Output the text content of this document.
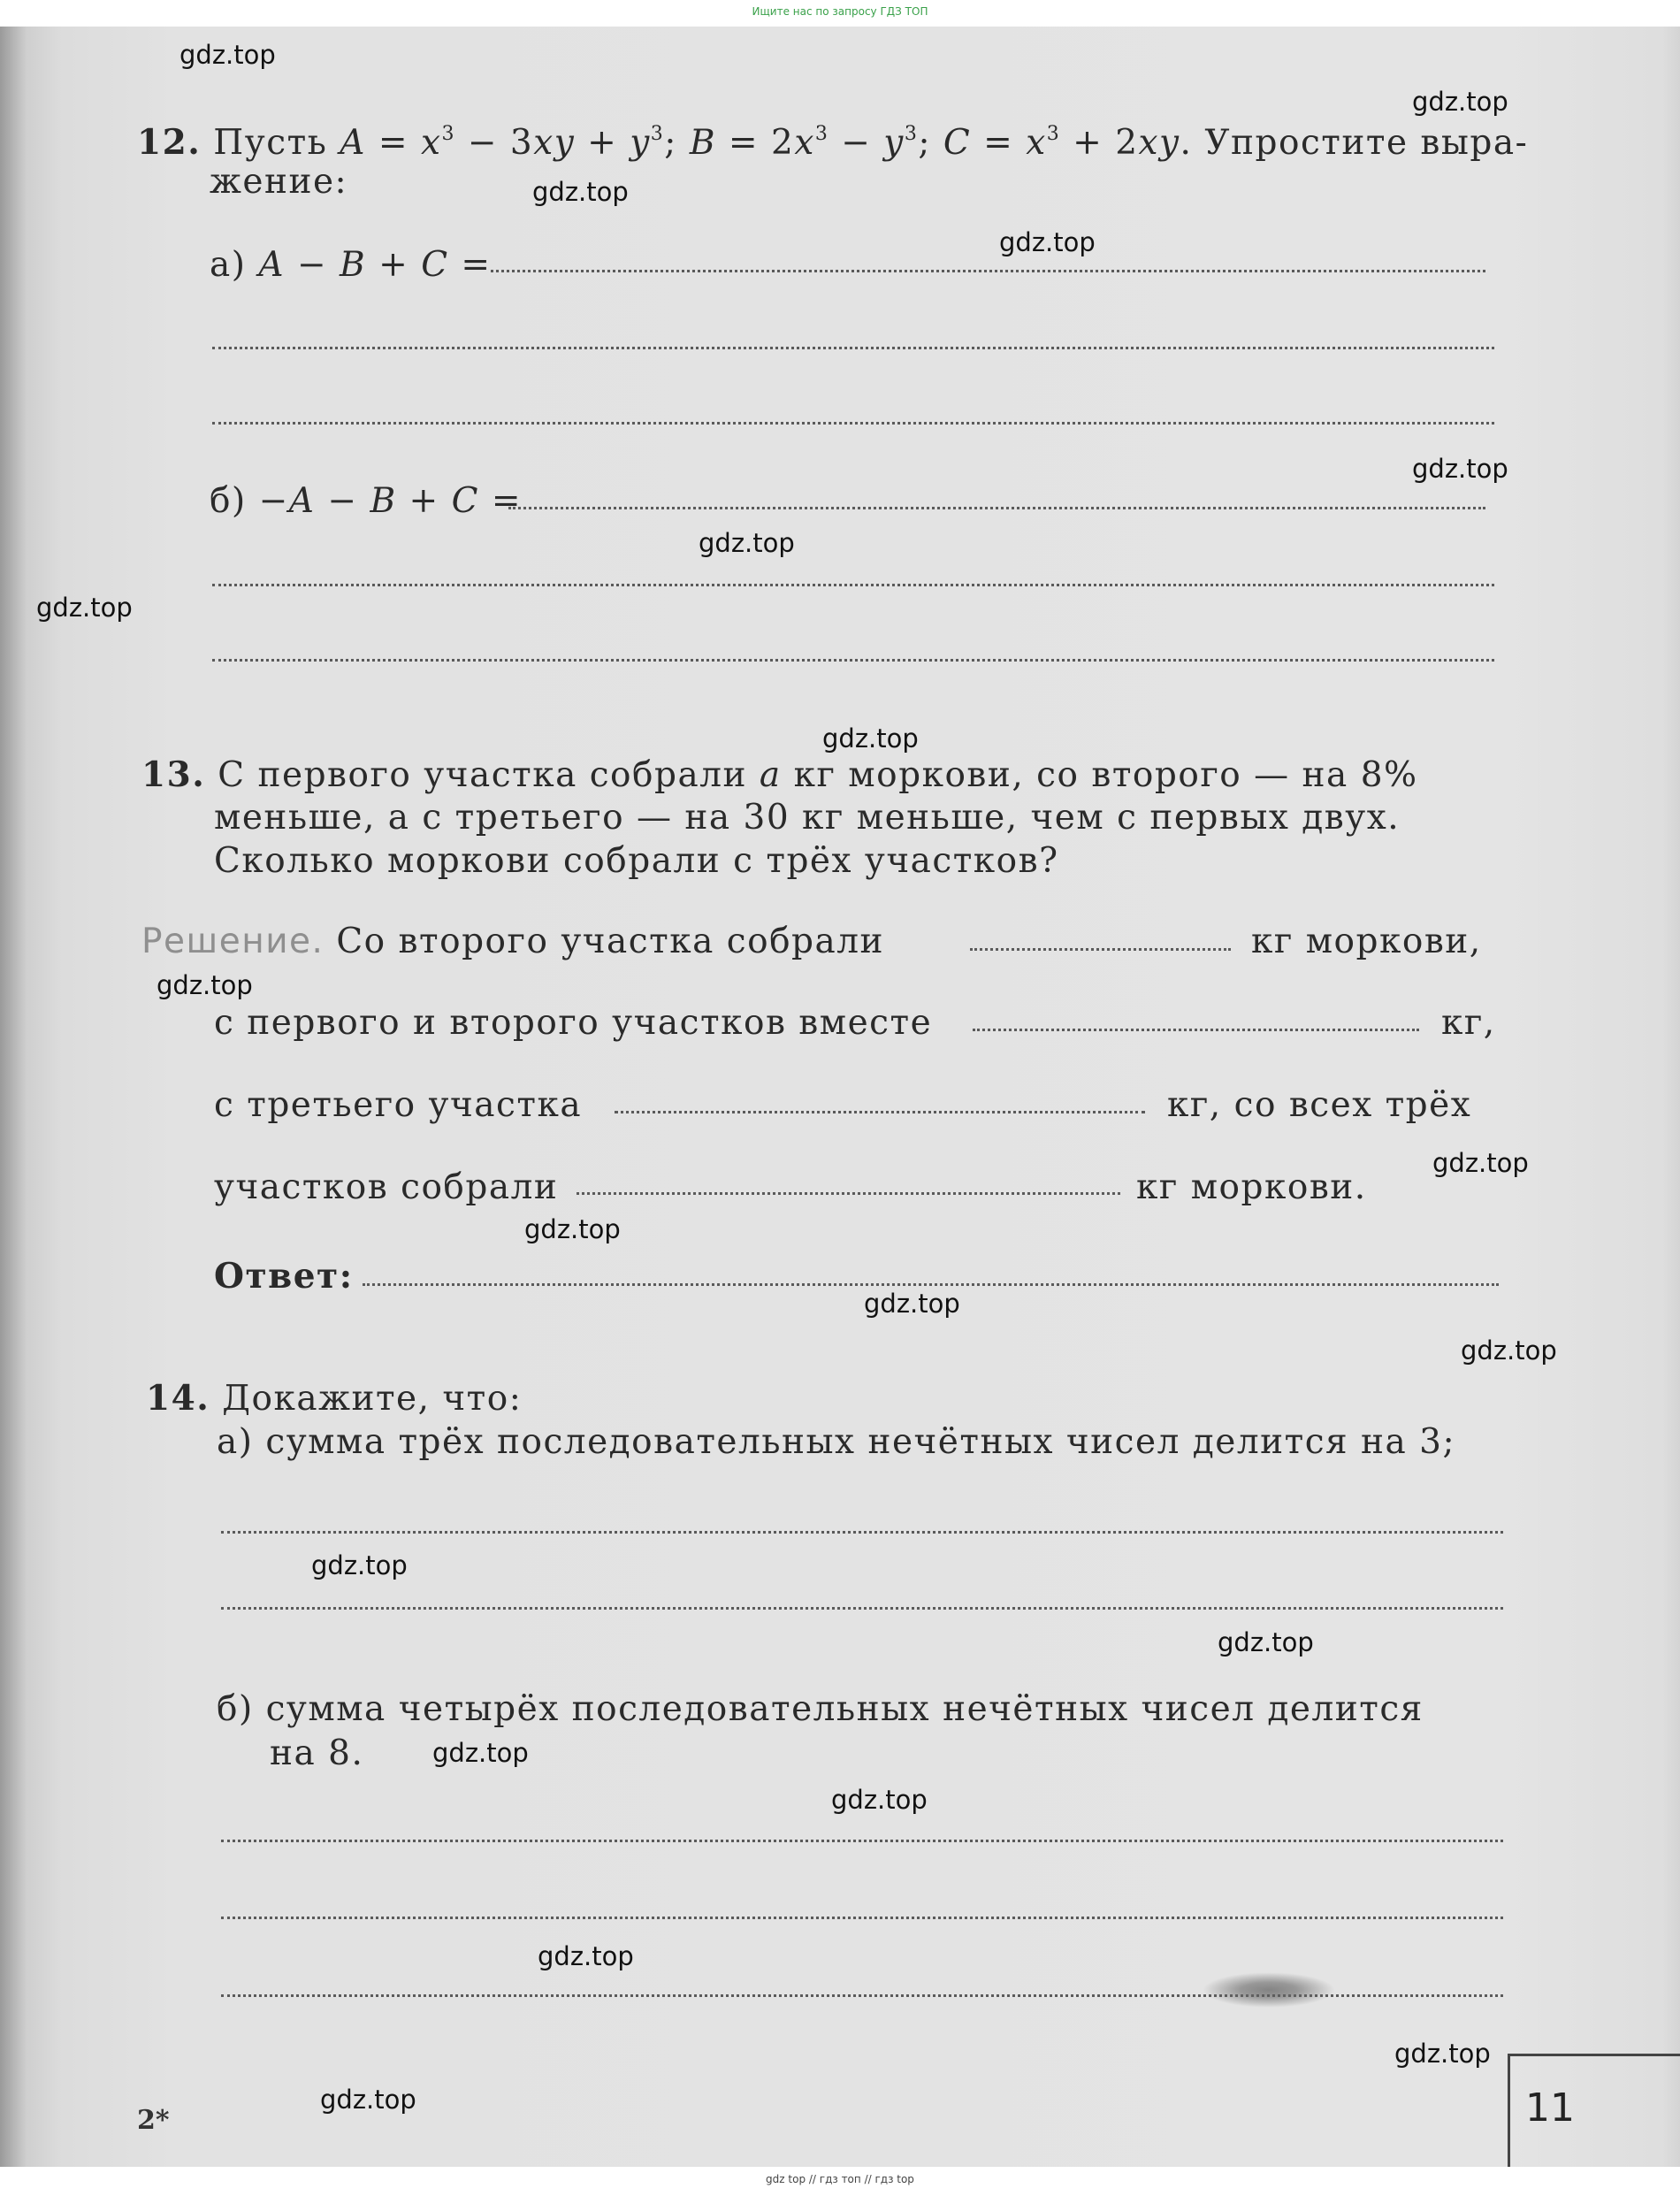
Ищите нас по запросу ГДЗ ТОП
12. Пусть $A = x^3 - 3xy + y^3$; $B = 2x^3 - y^3$; $C = x^3 + 2xy$. Упростите выра-
жение:
а) A − B + C =
б) −A − B + C =
13. С первого участка собрали a кг моркови, со второго — на 8%
меньше, а с третьего — на 30 кг меньше, чем с первых двух.
Сколько моркови собрали с трёх участков?
Решение. Со второго участка собрали	кг моркови,
с первого и второго участков вместе	кг,
с третьего участка	кг, со всех трёх
участков собрали	кг моркови.
Ответ:
14. Докажите, что:
а) сумма трёх последовательных нечётных чисел делится на 3;
б) сумма четырёх последовательных нечётных чисел делится
на 8.
2*	11
gdz.top
gdz.top
gdz.top
gdz.top
gdz.top
gdz.top
gdz.top
gdz.top
gdz.top
gdz.top
gdz.top
gdz.top
gdz.top
gdz.top
gdz.top
gdz.top
gdz.top
gdz.top
gdz.top
gdz.top
gdz top // гдз топ // гдз top
